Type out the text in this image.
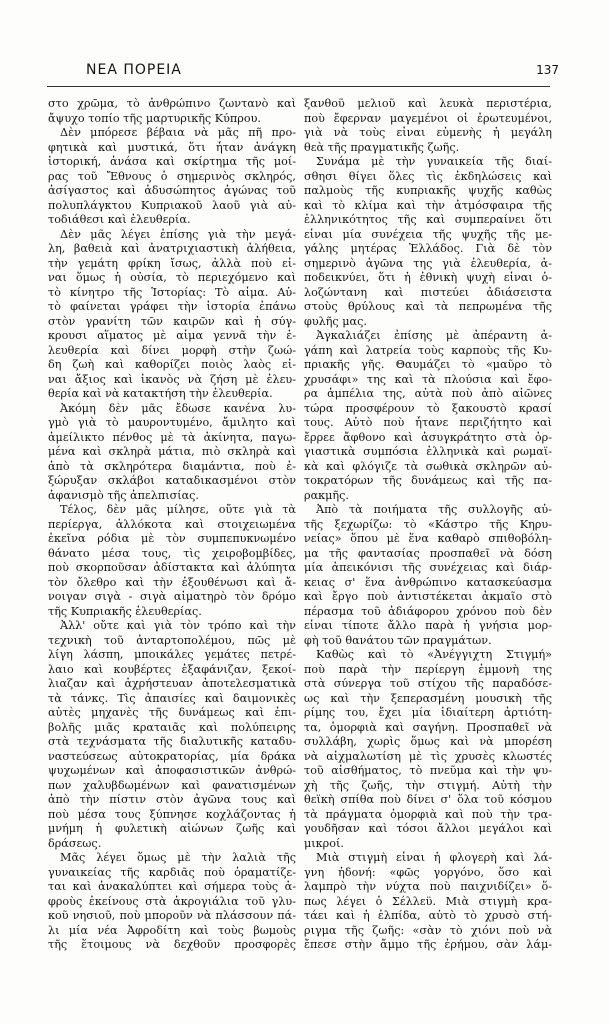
ΝΕΑ ΠΟΡΕΙΑ	137
στο χρῶμα, τὸ ἀνθρώπινο ζωντανὸ καὶ
ἄψυχο τοπίο τῆς μαρτυρικῆς Κύπρου.
Δὲν μπόρεσε βέβαια νὰ μᾶς πῆ προ-
φητικὰ καὶ μυστικά, ὅτι ἦταν ἀνάγκη
ἱστορική, ἀνάσα καὶ σκίρτημα τῆς μοί-
ρας τοῦ Ἔθνους ὁ σημερινὸς σκληρός,
ἀσίγαστος καὶ ἀδυσώπητος ἀγώνας τοῦ
πολυπλάγκτου Κυπριακοῦ λαοῦ γιὰ αὐ-
τοδιάθεσι καὶ ἐλευθερία.
Δὲν μᾶς λέγει ἐπίσης γιὰ τὴν μεγά-
λη, βαθειὰ καὶ ἀνατριχιαστικὴ ἀλήθεια,
τὴν γεμάτη φρίκη ἴσως, ἀλλὰ ποὺ εἶ-
ναι ὅμως ἡ οὐσία, τὸ περιεχόμενο καὶ
τὸ κίνητρο τῆς Ἱστορίας: Τὸ αἷμα. Αὐ-
τὸ φαίνεται γράφει τὴν ἱστορία ἐπάνω
στὸν γρανίτη τῶν καιρῶν καὶ ἡ σύγ-
κρουσι αἵματος μὲ αἷμα γεννᾶ τὴν ἐ-
λευθερία καὶ δίνει μορφὴ στὴν ζωώ-
δη ζωὴ καὶ καθορίζει ποιὸς λαὸς εἶ-
ναι ἄξιος καὶ ἱκανὸς νὰ ζήση μὲ ἐλευ-
θερία καὶ νὰ κατακτήση τὴν ἐλευθερία.
Ἀκόμη δὲν μᾶς ἔδωσε κανένα λυ-
γμὸ γιὰ τὸ μαυροντυμένο, ἄμιλητο καὶ
ἀμείλικτο πένθος μὲ τὰ ἀκίνητα, παγω-
μένα καὶ σκληρὰ μάτια, πιὸ σκληρὰ καὶ
ἀπὸ τὰ σκληρότερα διαμάντια, ποὺ ἐ-
ξώρυξαν σκλάβοι καταδικασμένοι στὸν
ἀφανισμὸ τῆς ἀπελπισίας.
Τέλος, δὲν μᾶς μίλησε, οὔτε γιὰ τὰ
περίεργα, ἀλλόκοτα καὶ στοιχειωμένα
ἐκεῖνα ρόδια μὲ τὸν συμπεπυκνωμένο
θάνατο μέσα τους, τὶς χειροβομβίδες,
ποὺ σκορποῦσαν ἀδίστακτα καὶ ἀλύπητα
τὸν ὄλεθρο καὶ τὴν ἐξουθένωσι καὶ ἄ-
νοιγαν σιγὰ - σιγὰ αἱματηρὸ τὸν δρόμο
τῆς Κυπριακῆς ἐλευθερίας.
Ἀλλ' οὔτε καὶ γιὰ τὸν τρόπο καὶ τὴν
τεχνικὴ τοῦ ἀνταρτοπολέμου, πῶς μὲ
λίγη λάσπη, μποικάλες γεμάτες πετρέ-
λαιο καὶ κουβέρτες ἐξαφάνιζαν, ξεκοί-
λιαζαν καὶ ἀχρήστευαν ἀποτελεσματικὰ
τὰ τάνκς. Τὶς ἀπαισίες καὶ δαιμονικὲς
αὐτὲς μηχανὲς τῆς δυνάμεως καὶ ἐπι-
βολῆς μιᾶς κραταιᾶς καὶ πολύπειρης
στὰ τεχνάσματα τῆς διαλυτικῆς καταδυ-
ναστεύσεως αὐτοκρατορίας, μία δράκα
ψυχωμένων καὶ ἀποφασιστικῶν ἀνθρώ-
πων χαλυβδωμένων καὶ φανατισμένων
ἀπὸ τὴν πίστιν στὸν ἀγῶνα τους καὶ
ποὺ μέσα τους ξύπνησε κοχλάζοντας ἡ
μνήμη ἡ φυλετικὴ αἰώνων ζωῆς καὶ
δράσεως.
Μᾶς λέγει ὅμως μὲ τὴν λαλιὰ τῆς
γυναικείας τῆς καρδιᾶς ποὺ ὁραματίζε-
ται καὶ ἀνακαλύπτει καὶ σήμερα τοὺς ἀ-
φροὺς ἐκείνους στὰ ἀκρογιάλια τοῦ γλυ-
κοῦ νησιοῦ, ποὺ μποροῦν νὰ πλάσσουν πά-
λι μία νέα Ἀφροδίτη καὶ τοὺς βωμοὺς
τῆς ἕτοιμους νὰ δεχθοῦν προσφορὲς
ξανθοῦ μελιοῦ καὶ λευκὰ περιστέρια,
ποὺ ἔφερναν μαγεμένοι οἱ ἐρωτευμένοι,
γιὰ νὰ τοὺς εἶναι εὐμενὴς ἡ μεγάλη
θεὰ τῆς πραγματικῆς ζωῆς.
Συνάμα μὲ τὴν γυναικεία τῆς διαί-
σθησι θίγει ὅλες τὶς ἐκδηλώσεις καὶ
παλμοὺς τῆς κυπριακῆς ψυχῆς καθὼς
καὶ τὸ κλίμα καὶ τὴν ἀτμόσφαιρα τῆς
ἑλληνικότητος τῆς καὶ συμπεραίνει ὅτι
εἶναι μία συνέχεια τῆς ψυχῆς τῆς με-
γάλης μητέρας Ἑλλάδος. Γιὰ δὲ τὸν
σημερινὸ ἀγῶνα της γιὰ ἐλευθερία, ἀ-
ποδεικνύει, ὅτι ἡ ἐθνικὴ ψυχὴ εἶναι ὁ-
λοζώντανη καὶ πιστεύει ἀδιάσειστα
στοὺς θρύλους καὶ τὰ πεπρωμένα τῆς
φυλῆς μας.
Ἀγκαλιάζει ἐπίσης μὲ ἀπέραντη ἀ-
γάπη καὶ λατρεία τοὺς καρποὺς τῆς Κυ-
πριακῆς γῆς. Θαυμάζει τὸ «μαῦρο τὸ
χρυσάφι» της καὶ τὰ πλούσια καὶ ἔφο-
ρα ἀμπέλια της, αὐτὰ ποὺ ἀπὸ αἰῶνες
τώρα προσφέρουν τὸ ξακουστὸ κρασί
τους. Αὐτὸ ποὺ ἦτανε περιζήτητο καὶ
ἔρρεε ἄφθονο καὶ ἀσυγκράτητο στὰ ὀρ-
γιαστικὰ συμπόσια ἑλληνικὰ καὶ ρωμαϊ-
κὰ καὶ φλόγιζε τὰ σωθικὰ σκληρῶν αὐ-
τοκρατόρων τῆς δυνάμεως καὶ τῆς πα-
ρακμῆς.
Ἀπὸ τὰ ποιήματα τῆς συλλογῆς αὐ-
τῆς ξεχωρίζω: τὸ «Κάστρο τῆς Κηρυ-
νείας» ὅπου μὲ ἕνα καθαρὸ σπιθοβόλη-
μα τῆς φαντασίας προσπαθεῖ νὰ δόση
μία ἀπεικόνισι τῆς συνέχειας καὶ διάρ-
κειας σ' ἕνα ἀνθρώπινο κατασκεύασμα
καὶ ἔργο ποὺ ἀντιστέκεται ἀκμαῖο στὸ
πέρασμα τοῦ ἀδιάφορου χρόνου ποὺ δὲν
εἶναι τίποτε ἄλλο παρὰ ἡ γνήσια μορ-
φὴ τοῦ θανάτου τῶν πραγμάτων.
Καθὼς καὶ τὸ «Ἀνέγγιχτη Στιγμή»
ποὺ παρὰ τὴν περίεργη ἐμμονὴ της
στὰ σύνεργα τοῦ στίχου τῆς παραδόσε-
ως καὶ τὴν ξεπερασμένη μουσικὴ τῆς
ρίμης του, ἔχει μία ἰδιαίτερη ἀρτιότη-
τα, ὁμορφιὰ καὶ σαγήνη. Προσπαθεῖ νὰ
συλλάβη, χωρὶς ὅμως καὶ νὰ μπορέση
νὰ αἰχμαλωτίση μὲ τὶς χρυσὲς κλωστές
τοῦ αἰσθήματος, τὸ πνεῦμα καὶ τὴν ψυ-
χὴ τῆς ζωῆς, τὴν στιγμή. Αὐτὴ τὴν
θεϊκὴ σπίθα ποὺ δίνει σ' ὅλα τοῦ κόσμου
τὰ πράγματα ὀμορφιὰ καὶ ποὺ τὴν τρα-
γουδῆσαν καὶ τόσοι ἄλλοι μεγάλοι καὶ
μικροί.
Μιὰ στιγμὴ εἶναι ἡ φλογερὴ καὶ λά-
γνη ἡδονή: «φῶς γοργόνο, ὅσο καὶ
λαμπρὸ τὴν νύχτα ποὺ παιχνιδίζει» ὅ-
πως λέγει ὁ Σέλλεϋ. Μιὰ στιγμὴ κρα-
τάει καὶ ἡ ἐλπίδα, αὐτὸ τὸ χρυσὸ στή-
ριγμα τῆς ζωῆς: «σὰν τὸ χιόνι ποὺ νὰ
ἔπεσε στὴν ἄμμο τῆς ἐρήμου, σὰν λάμ-
